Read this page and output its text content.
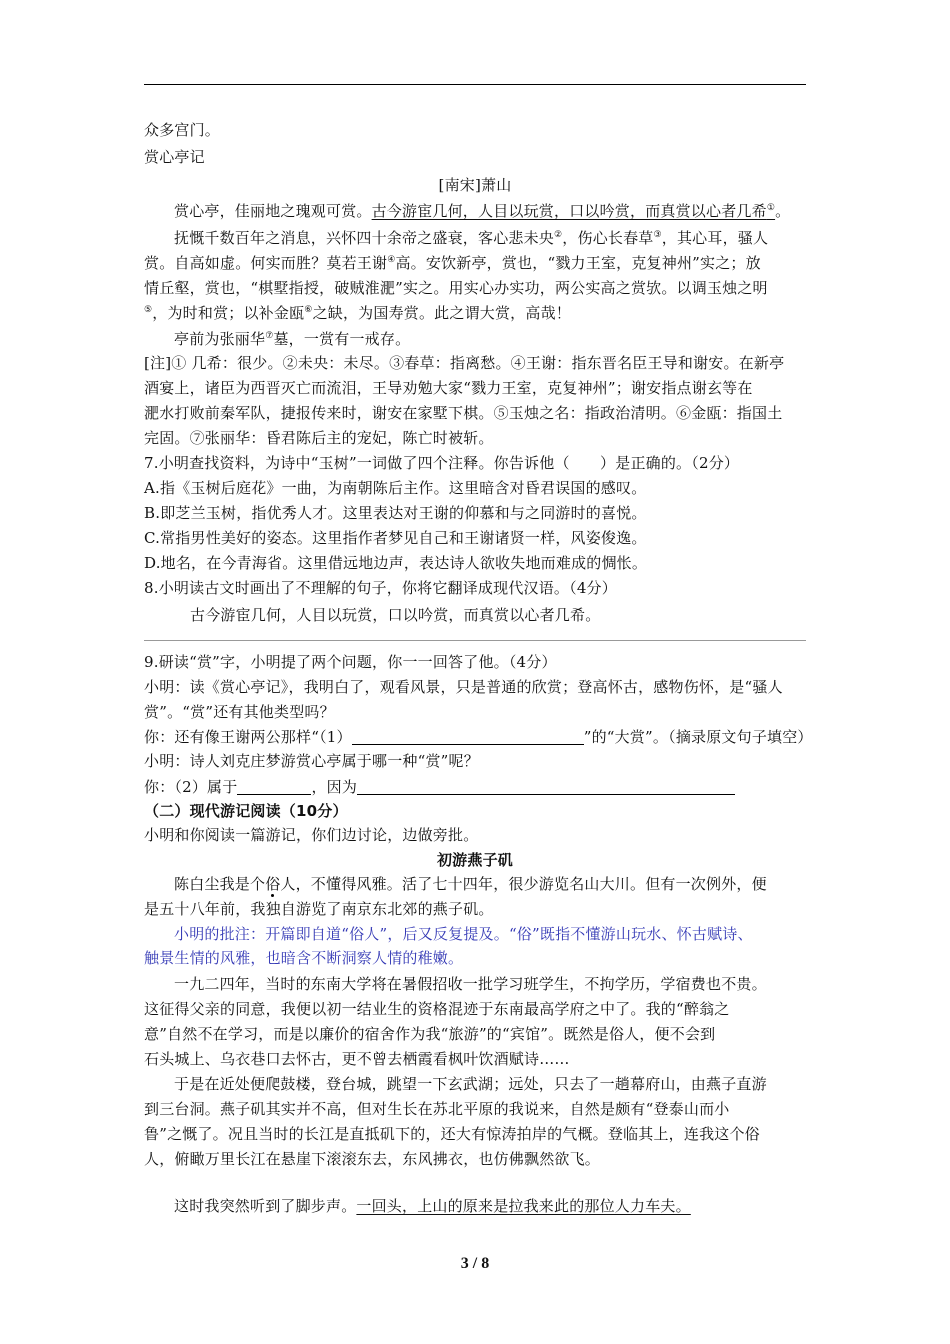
众多宫门。
赏心亭记
[南宋]萧山
赏心亭，佳丽地之瑰观可赏。古今游宦几何，人目以玩赏，口以吟赏，而真赏以心者几希①。
抚慨千数百年之消息，兴怀四十余帝之盛衰，客心悲未央②，伤心长春草③，其心耳，骚人
赏。自高如虚。何实而胜？莫若王谢④高。安饮新亭，赏也，“戮力王室，克复神州”实之；放
情丘壑，赏也，“棋墅指授，破贼淮淝”实之。用实心办实功，两公实高之赏欤。以调玉烛之明
⑤，为时和赏；以补金瓯⑥之缺，为国寿赏。此之谓大赏，高哉！
亭前为张丽华⑦墓，一赏有一戒存。
[注]① 几希：很少。②未央：未尽。③春草：指离愁。④王谢：指东晋名臣王导和谢安。在新亭
酒宴上，诸臣为西晋灭亡而流泪，王导劝勉大家“戮力王室，克复神州”；谢安指点谢玄等在
淝水打败前秦军队，捷报传来时，谢安在家墅下棋。⑤玉烛之名：指政治清明。⑥金瓯：指国土
完固。⑦张丽华：昏君陈后主的宠妃，陈亡时被斩。
7.小明查找资料，为诗中“玉树”一词做了四个注释。你告诉他（　　）是正确的。（2分）
A.指《玉树后庭花》一曲，为南朝陈后主作。这里暗含对昏君误国的感叹。
B.即芝兰玉树，指优秀人才。这里表达对王谢的仰慕和与之同游时的喜悦。
C.常指男性美好的姿态。这里指作者梦见自己和王谢诸贤一样，风姿俊逸。
D.地名，在今青海省。这里借远地边声，表达诗人欲收失地而难成的惆怅。
8.小明读古文时画出了不理解的句子，你将它翻译成现代汉语。（4分）
古今游宦几何，人目以玩赏，口以吟赏，而真赏以心者几希。
9.研读“赏”字，小明提了两个问题，你一一回答了他。（4分）
小明：读《赏心亭记》，我明白了，观看风景，只是普通的欣赏；登高怀古，感物伤怀，是“骚人
赏”。“赏”还有其他类型吗？
你：还有像王谢两公那样“（1）	”的“大赏”。（摘录原文句子填空）
小明：诗人刘克庄梦游赏心亭属于哪一种“赏”呢？
你：（2）属于	，因为
（二）现代游记阅读（10分）
小明和你阅读一篇游记，你们边讨论，边做旁批。
初游燕子矶
陈白尘我是个俗人，不懂得风雅。活了七十四年，很少游览名山大川。但有一次例外，便
是五十八年前，我独自游览了南京东北郊的燕子矶。
小明的批注：开篇即自道“俗人”，后又反复提及。“俗”既指不懂游山玩水、怀古赋诗、
触景生情的风雅，也暗含不断洞察人情的稚嫩。
一九二四年，当时的东南大学将在暑假招收一批学习班学生，不拘学历，学宿费也不贵。
这征得父亲的同意，我便以初一结业生的资格混迹于东南最高学府之中了。我的“醉翁之
意”自然不在学习，而是以廉价的宿舍作为我“旅游”的“宾馆”。既然是俗人，便不会到
石头城上、乌衣巷口去怀古，更不曾去栖霞看枫叶饮酒赋诗……
于是在近处便爬鼓楼，登台城，跳望一下玄武湖；远处，只去了一趟幕府山，由燕子直游
到三台洞。燕子矶其实并不高，但对生长在苏北平原的我说来，自然是颇有“登泰山而小
鲁”之慨了。况且当时的长江是直抵矶下的，还大有惊涛拍岸的气概。登临其上，连我这个俗
人，俯瞰万里长江在悬崖下滚滚东去，东风拂衣，也仿佛飘然欲飞。
这时我突然听到了脚步声。一回头，上山的原来是拉我来此的那位人力车夫。
3 / 8
